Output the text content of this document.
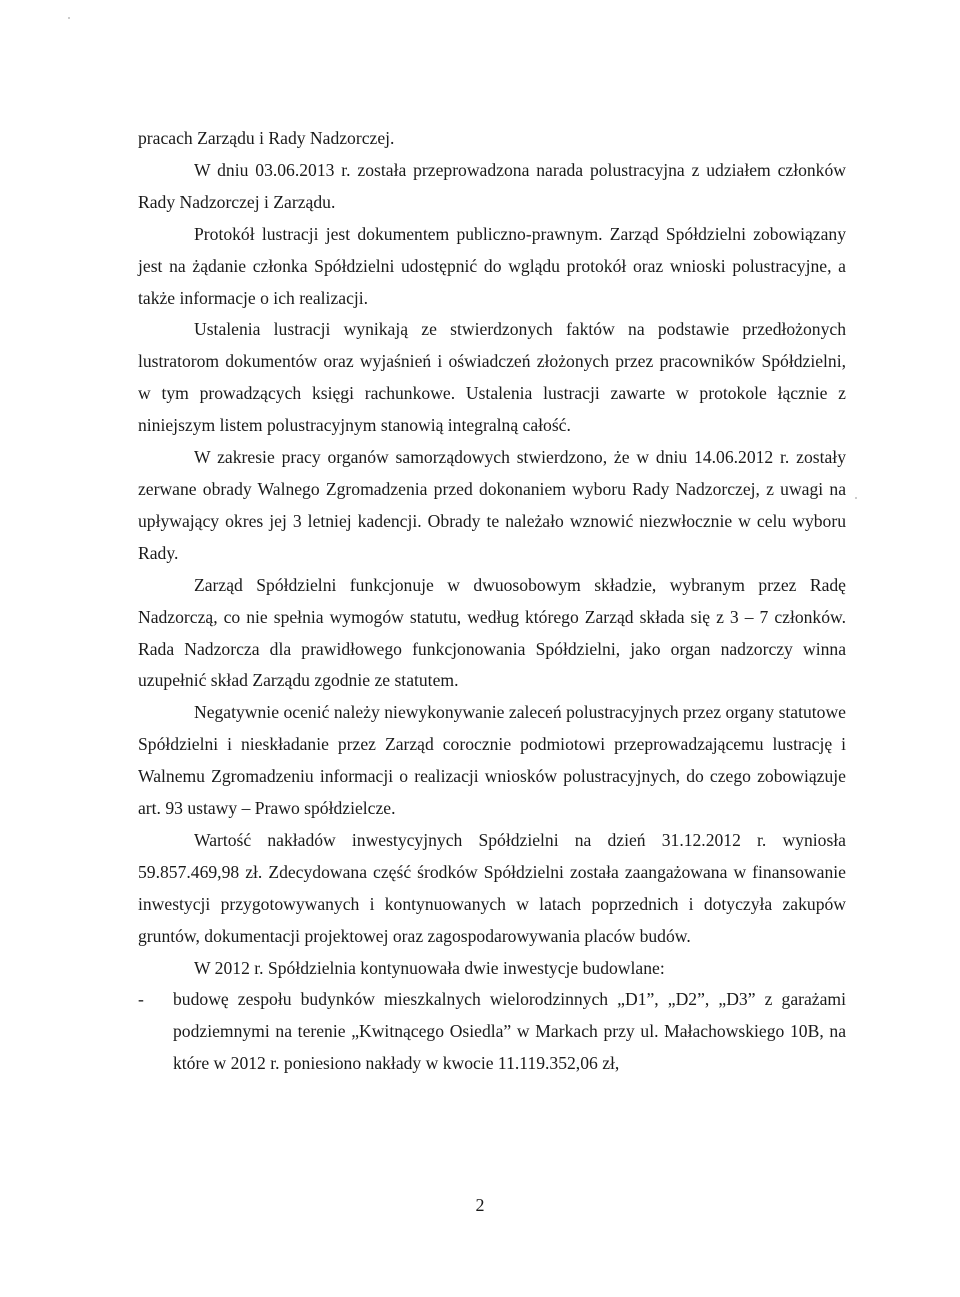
pracach Zarządu i Rady Nadzorczej.

W dniu 03.06.2013 r. została przeprowadzona narada polustracyjna z udziałem członków Rady Nadzorczej i Zarządu.

Protokół lustracji jest dokumentem publiczno-prawnym. Zarząd Spółdzielni zobowiązany jest na żądanie członka Spółdzielni udostępnić do wglądu protokół oraz wnioski polustracyjne, a także informacje o ich realizacji.

Ustalenia lustracji wynikają ze stwierdzonych faktów na podstawie przedłożonych lustratorom dokumentów oraz wyjaśnień i oświadczeń złożonych przez pracowników Spółdzielni, w tym prowadzących księgi rachunkowe. Ustalenia lustracji zawarte w protokole łącznie z niniejszym listem polustracyjnym stanowią integralną całość.

W zakresie pracy organów samorządowych stwierdzono, że w dniu 14.06.2012 r. zostały zerwane obrady Walnego Zgromadzenia przed dokonaniem wyboru Rady Nadzorczej, z uwagi na upływający okres jej 3 letniej kadencji. Obrady te należało wznowić niezwłocznie w celu wyboru Rady.

Zarząd Spółdzielni funkcjonuje w dwuosobowym składzie, wybranym przez Radę Nadzorczą, co nie spełnia wymogów statutu, według którego Zarząd składa się z 3 – 7 członków. Rada Nadzorcza dla prawidłowego funkcjonowania Spółdzielni, jako organ nadzorczy winna uzupełnić skład Zarządu zgodnie ze statutem.

Negatywnie ocenić należy niewykonywanie zaleceń polustracyjnych przez organy statutowe Spółdzielni i nieskładanie przez Zarząd corocznie podmiotowi przeprowadzającemu lustrację i Walnemu Zgromadzeniu informacji o realizacji wniosków polustracyjnych, do czego zobowiązuje art. 93 ustawy – Prawo spółdzielcze.

Wartość nakładów inwestycyjnych Spółdzielni na dzień 31.12.2012 r. wyniosła 59.857.469,98 zł. Zdecydowana część środków Spółdzielni została zaangażowana w finansowanie inwestycji przygotowywanych i kontynuowanych w latach poprzednich i dotyczyła zakupów gruntów, dokumentacji projektowej oraz zagospodarowywania placów budów.

W 2012 r. Spółdzielnia kontynuowała dwie inwestycje budowlane:

-	budowę zespołu budynków mieszkalnych wielorodzinnych „D1”, „D2”, „D3” z garażami podziemnymi na terenie „Kwitnącego Osiedla” w Markach przy ul. Małachowskiego 10B, na które w 2012 r. poniesiono nakłady w kwocie 11.119.352,06 zł,
2
